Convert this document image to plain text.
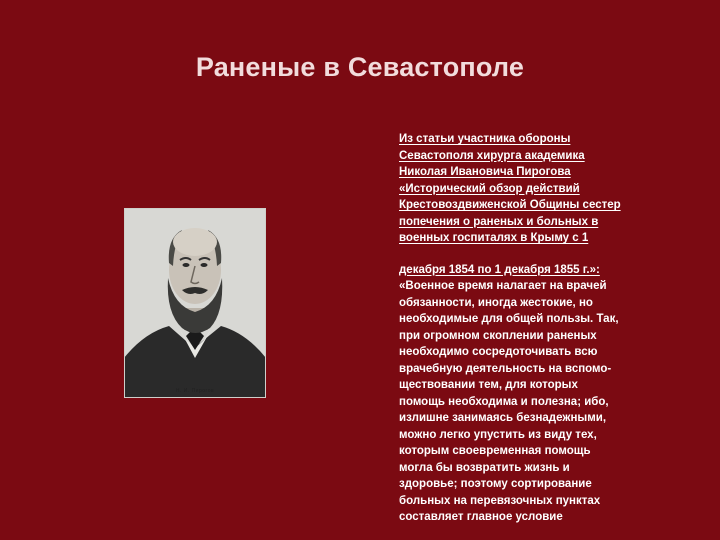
Раненые в Севастополе
Н. И. Пирогов
Из статьи участника обороны
Севастополя хирурга академика
Николая Ивановича Пирогова
«Исторический обзор действий
Крестовоздвиженской Общины сестер
попечения о раненых и больных в
военных госпиталях в Крыму с 1
декабря 1854 по 1 декабря 1855 г.»:
«Военное время налагает на врачей
обязанности, иногда жестокие, но
необходимые для общей пользы. Так,
при огромном скоплении раненых
необходимо сосредоточивать всю
врачебную деятельность на вспомо-
ществовании тем, для которых
помощь необходима и полезна; ибо,
излишне занимаясь безнадежными,
можно легко упустить из виду тех,
которым своевременная помощь
могла бы возвратить жизнь и
здоровье; поэтому сортирование
больных на перевязочных пунктах
составляет главное условие
